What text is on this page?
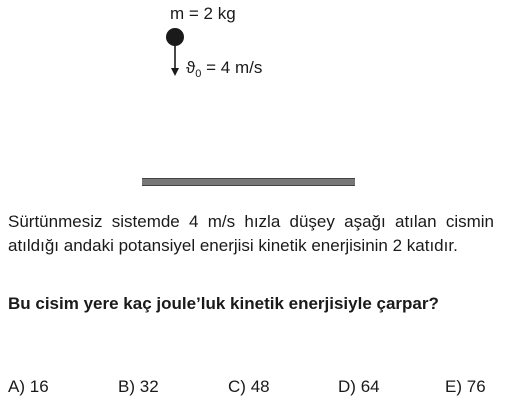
m = 2 kg
$ϑ_0 = 4$ m/s

Sürtünmesiz sistemde 4 m/s hızla düşey aşağı atılan cismin atıldığı andaki potansiyel enerjisi kinetik enerjisinin 2 katıdır.

Bu cisim yere kaç joule’luk kinetik enerjisiyle çarpar?

A) 16	B) 32	C) 48	D) 64	E) 76
